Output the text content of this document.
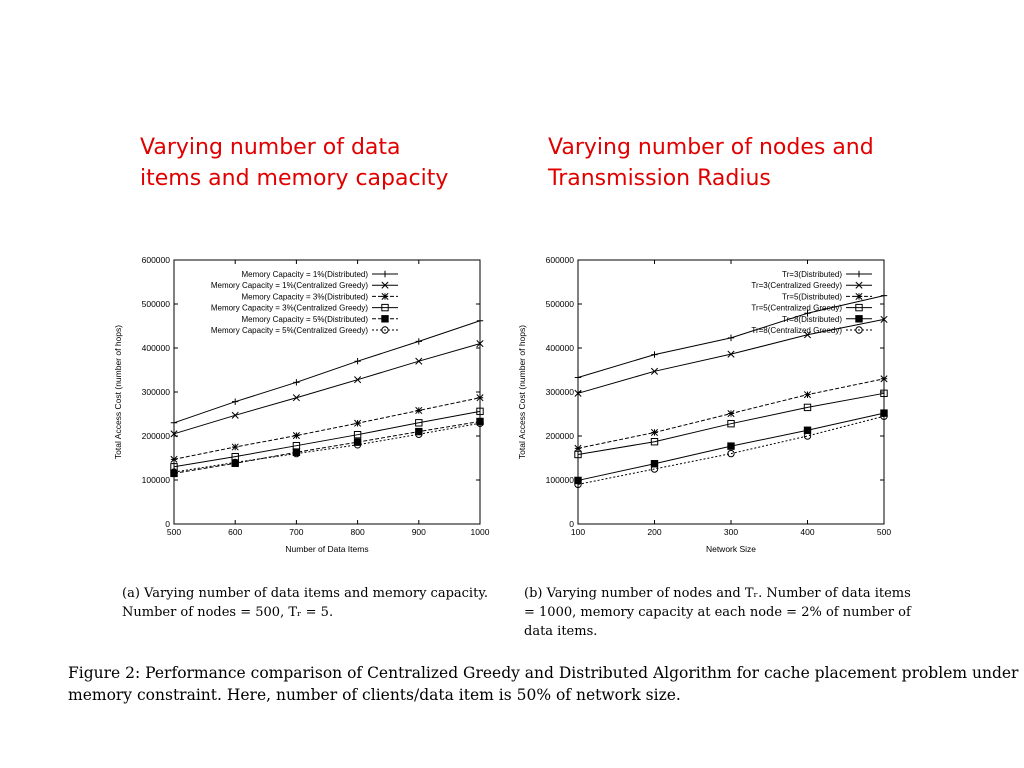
Varying number of data
items and memory capacity
Varying number of nodes and
Transmission Radius
0
100000
200000
300000
400000
500000
600000
500	600	700	800	900	1000
Number of Data Items
Total Access Cost (number of hops)
Memory Capacity = 1%(Distributed)
Memory Capacity = 1%(Centralized Greedy)
Memory Capacity = 3%(Distributed)
Memory Capacity = 3%(Centralized Greedy)
Memory Capacity = 5%(Distributed)
Memory Capacity = 5%(Centralized Greedy)
0
100000
200000
300000
400000
500000
600000
100	200	300	400	500
Network Size
Total Access Cost (number of hops)
Tr=3(Distributed)
Tr=3(Centralized Greedy)
Tr=5(Distributed)
Tr=5(Centralized Greedy)
Tr=8(Distributed)
Tr=8(Centralized Greedy)
(a) Varying number of data items and memory capacity.
Number of nodes = 500, Tᵣ = 5.
(b) Varying number of nodes and Tᵣ. Number of data items
= 1000, memory capacity at each node = 2% of number of
data items.
Figure 2: Performance comparison of Centralized Greedy and Distributed Algorithm for cache placement problem under
memory constraint. Here, number of clients/data item is 50% of network size.
